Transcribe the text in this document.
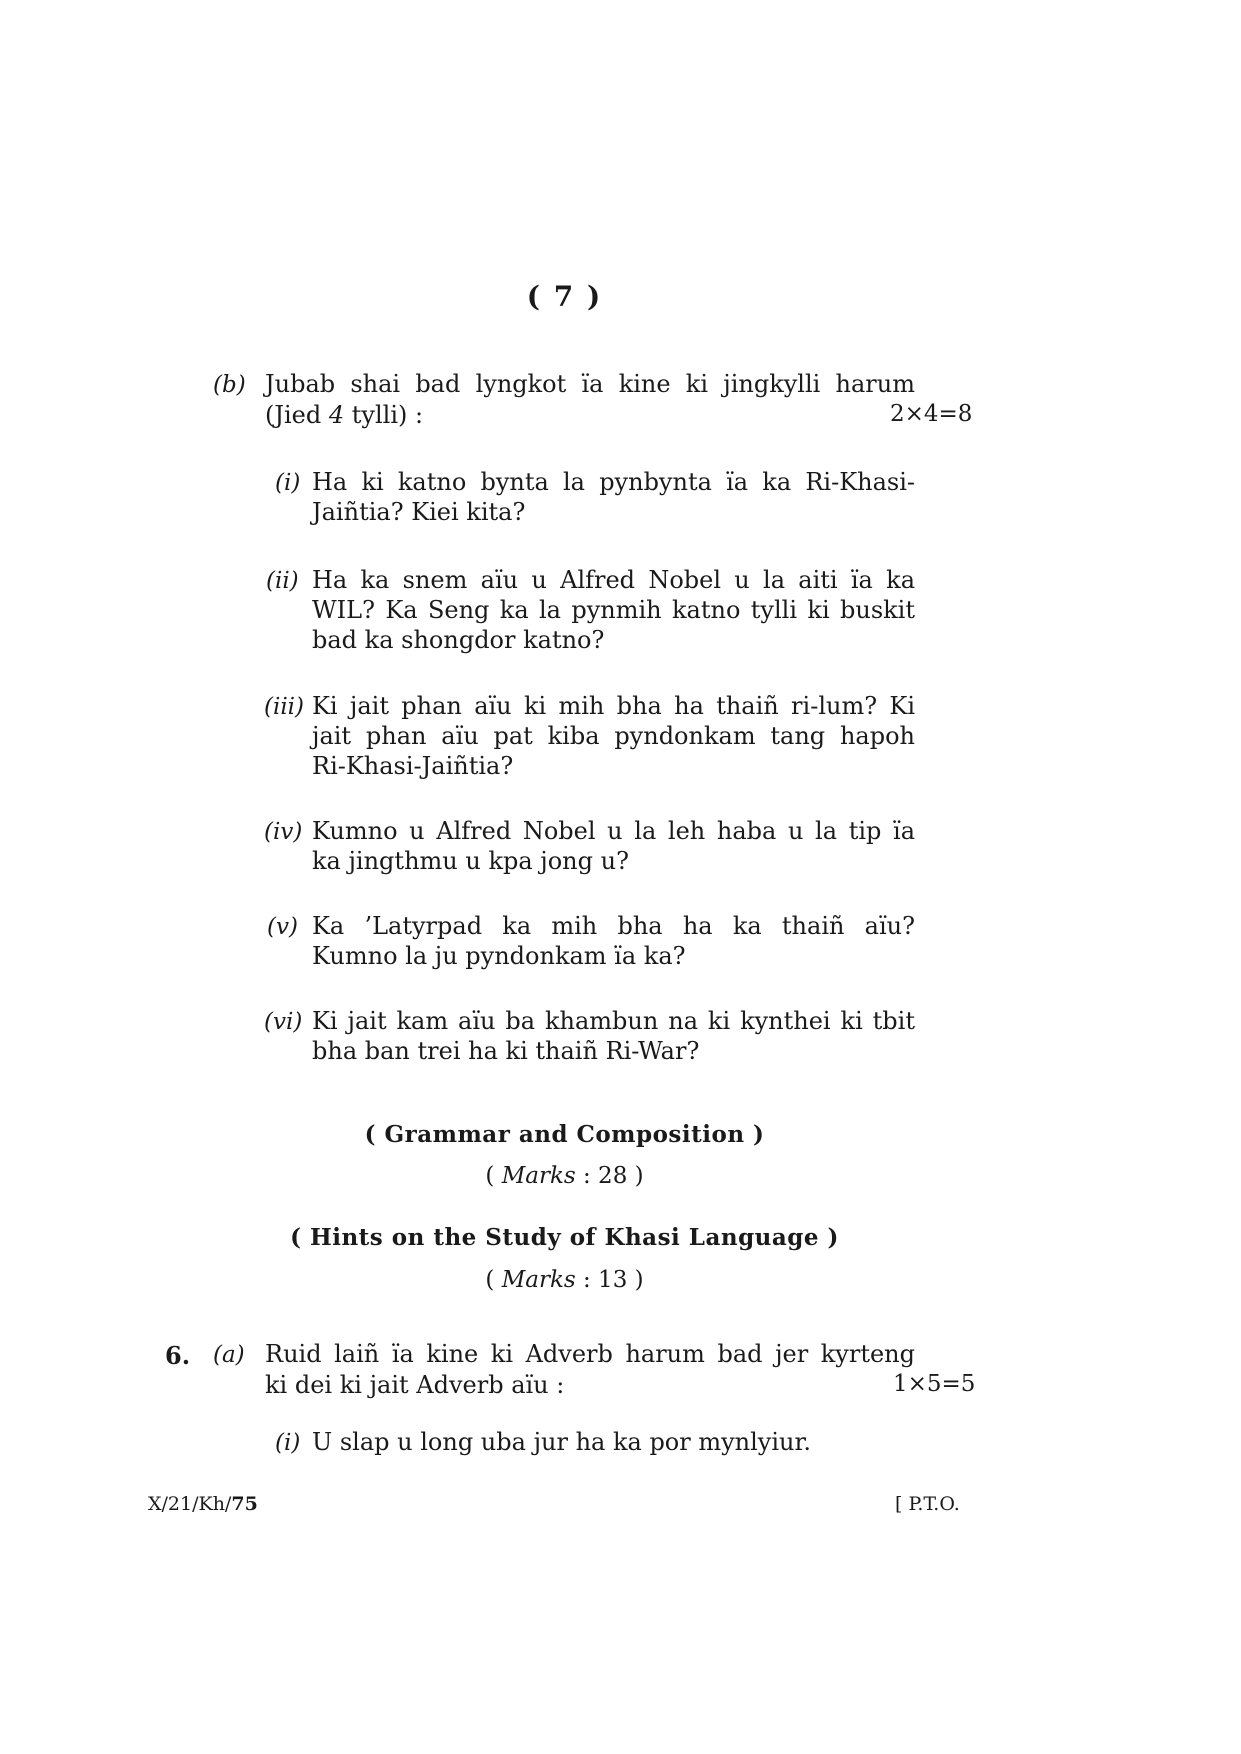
( 7 )
(b) Jubab shai bad lyngkot ïa kine ki jingkylli harum
(Jied 4 tylli) :	2×4=8
(i) Ha ki katno bynta la pynbynta ïa ka Ri-Khasi-
Jaiñtia? Kiei kita?
(ii) Ha ka snem aïu u Alfred Nobel u la aiti ïa ka
WIL? Ka Seng ka la pynmih katno tylli ki buskit
bad ka shongdor katno?
(iii) Ki jait phan aïu ki mih bha ha thaiñ ri-lum? Ki
jait phan aïu pat kiba pyndonkam tang hapoh
Ri-Khasi-Jaiñtia?
(iv) Kumno u Alfred Nobel u la leh haba u la tip ïa
ka jingthmu u kpa jong u?
(v) Ka ’Latyrpad ka mih bha ha ka thaiñ aïu?
Kumno la ju pyndonkam ïa ka?
(vi) Ki jait kam aïu ba khambun na ki kynthei ki tbit
bha ban trei ha ki thaiñ Ri-War?
( Grammar and Composition )
( Marks : 28 )
( Hints on the Study of Khasi Language )
( Marks : 13 )
6. (a) Ruid laiñ ïa kine ki Adverb harum bad jer kyrteng
ki dei ki jait Adverb aïu :	1×5=5
(i) U slap u long uba jur ha ka por mynlyiur.
X/21/Kh/75	[ P.T.O.
